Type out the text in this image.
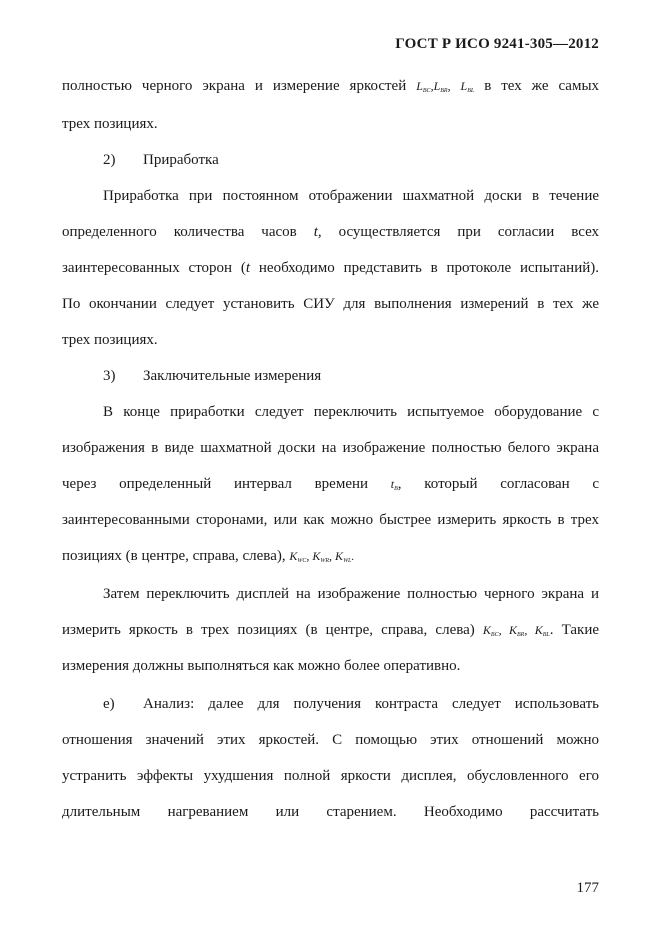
ГОСТ Р ИСО 9241-305—2012
полностью черного экрана и измерение яркостей $L_{BC},L_{BR}$, $L_{BL}$ в тех же самых
трех позициях.
2) Приработка
Приработка при постоянном отображении шахматной доски в течение
определенного количества часов t, осуществляется при согласии всех
заинтересованных сторон (t необходимо представить в протоколе испытаний).
По окончании следует установить СИУ для выполнения измерений в тех же
трех позициях.
3) Заключительные измерения
В конце приработки следует переключить испытуемое оборудование с
изображения в виде шахматной доски на изображение полностью белого экрана
через определенный интервал времени $t_B$, который согласован с
заинтересованными сторонами, или как можно быстрее измерить яркость в трех
позициях (в центре, справа, слева), $K_{WC}$, $K_{WR}$, $K_{WL}$.
Затем переключить дисплей на изображение полностью черного экрана и
измерить яркость в трех позициях (в центре, справа, слева) $K_{BC}$, $K_{BR}$, $K_{BL}$. Такие
измерения должны выполняться как можно более оперативно.
е) Анализ: далее для получения контраста следует использовать
отношения значений этих яркостей. С помощью этих отношений можно
устранить эффекты ухудшения полной яркости дисплея, обусловленного его
длительным нагреванием или старением. Необходимо рассчитать
177
